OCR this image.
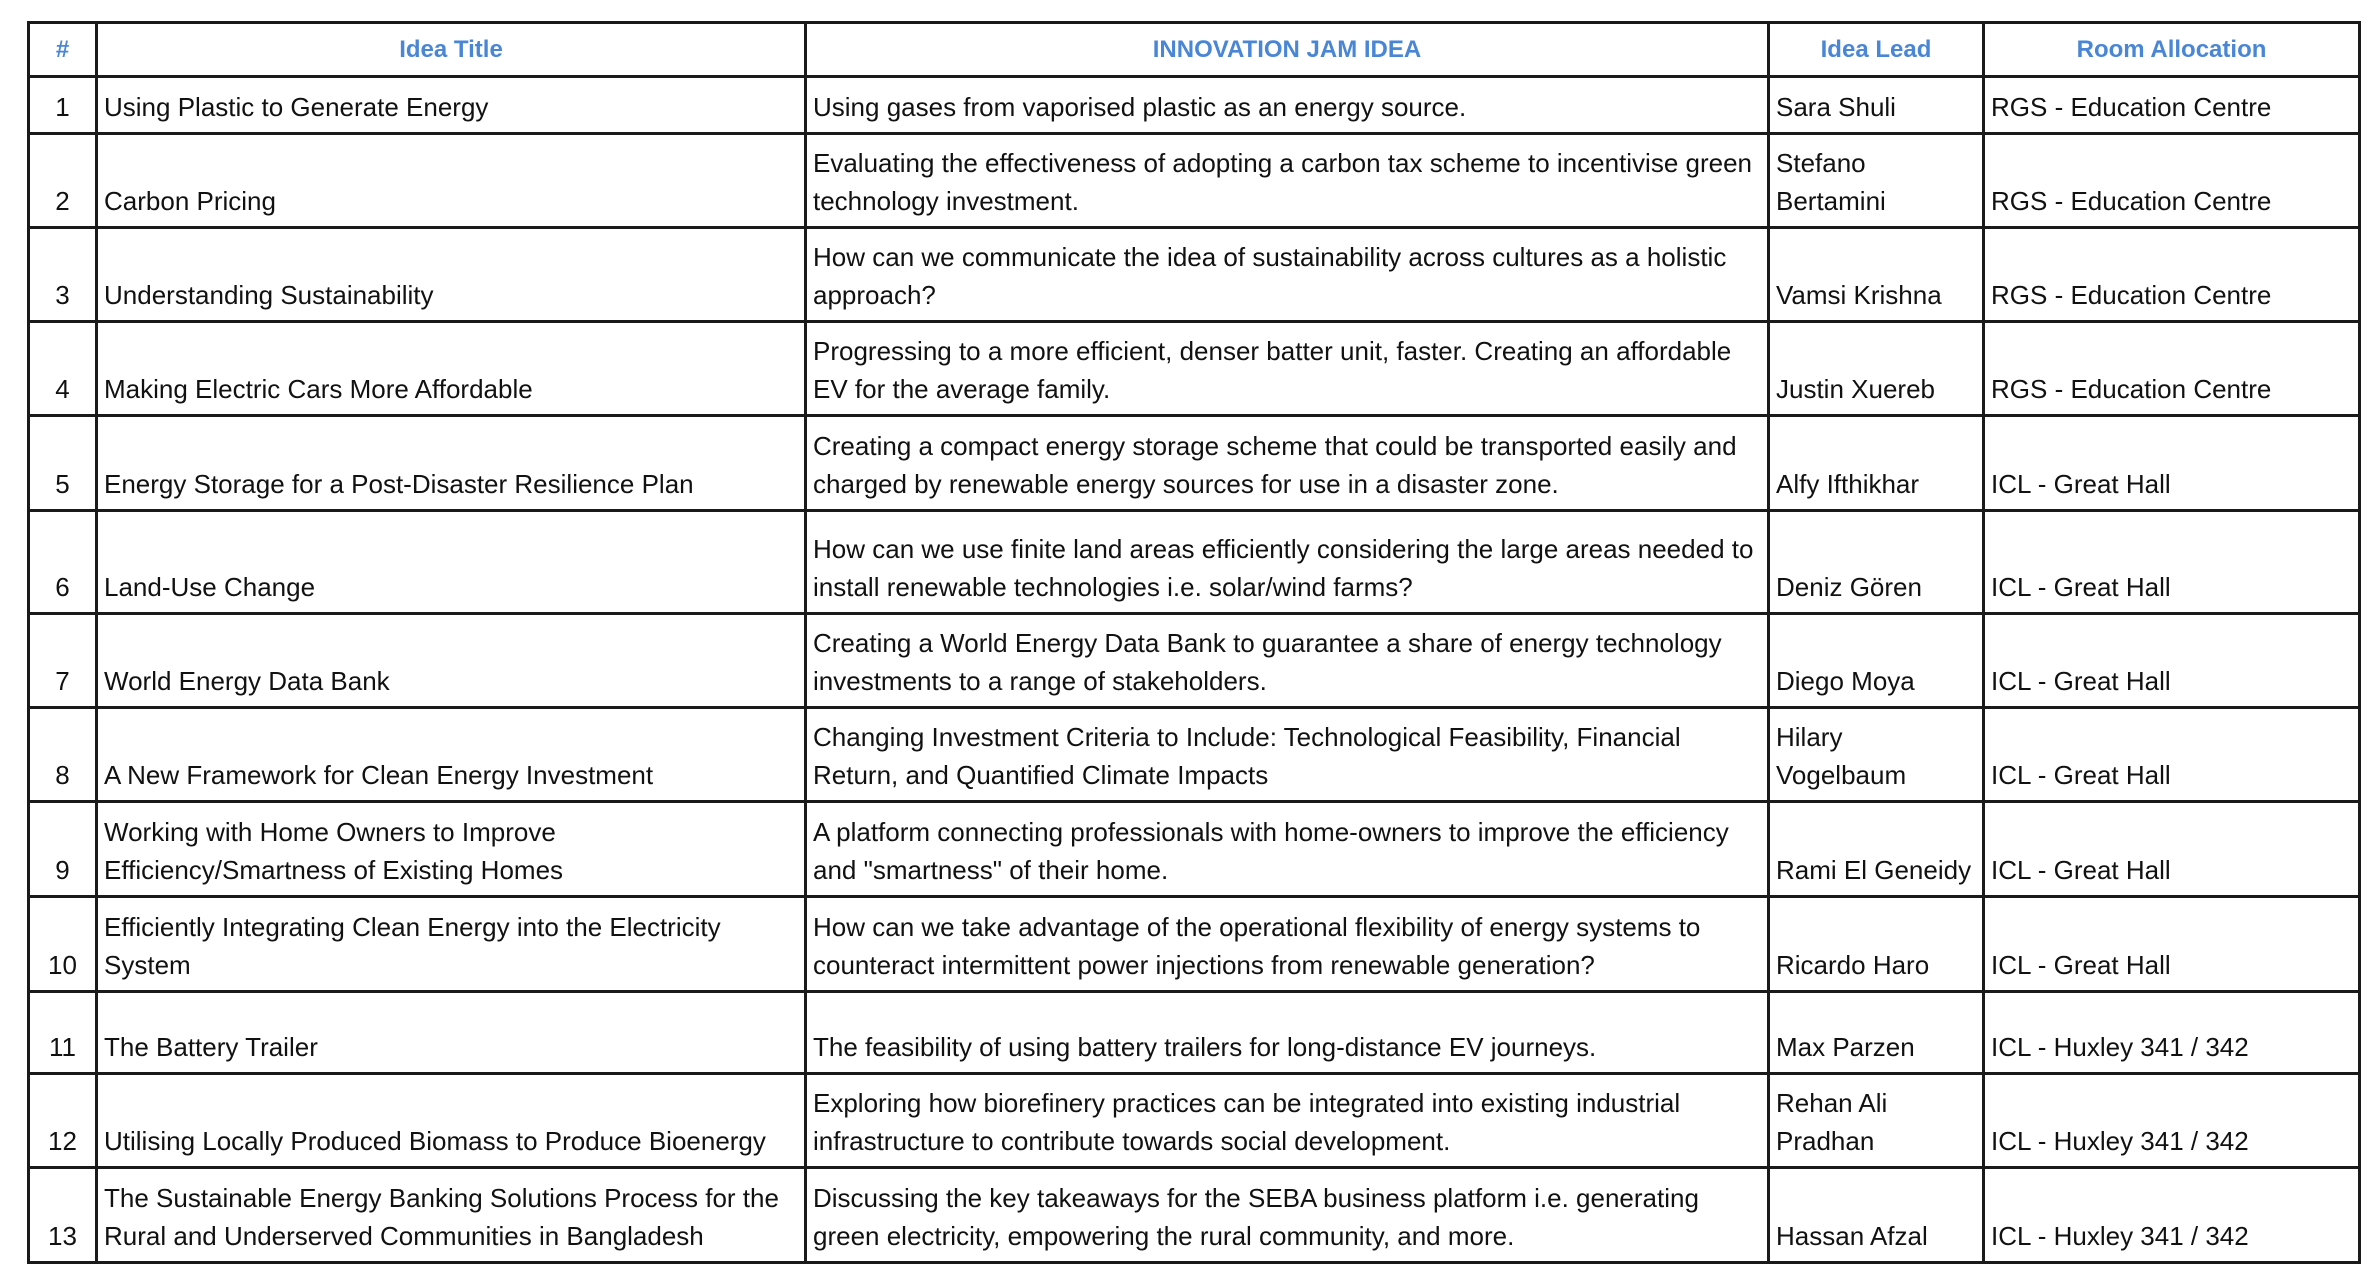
#	Idea Title	INNOVATION JAM IDEA	Idea Lead	Room Allocation
1	Using Plastic to Generate Energy	Using gases from vaporised plastic as an energy source.	Sara Shuli	RGS - Education Centre
2	Carbon Pricing	Evaluating the effectiveness of adopting a carbon tax scheme to incentivise green technology investment.	Stefano Bertamini	RGS - Education Centre
3	Understanding Sustainability	How can we communicate the idea of sustainability across cultures as a holistic approach?	Vamsi Krishna	RGS - Education Centre
4	Making Electric Cars More Affordable	Progressing to a more efficient, denser batter unit, faster. Creating an affordable EV for the average family.	Justin Xuereb	RGS - Education Centre
5	Energy Storage for a Post-Disaster Resilience Plan	Creating a compact energy storage scheme that could be transported easily and charged by renewable energy sources for use in a disaster zone.	Alfy Ifthikhar	ICL - Great Hall
6	Land-Use Change	How can we use finite land areas efficiently considering the large areas needed to install renewable technologies i.e. solar/wind farms?	Deniz Gören	ICL - Great Hall
7	World Energy Data Bank	Creating a World Energy Data Bank to guarantee a share of energy technology investments to a range of stakeholders.	Diego Moya	ICL - Great Hall
8	A New Framework for Clean Energy Investment	Changing Investment Criteria to Include: Technological Feasibility, Financial Return, and Quantified Climate Impacts	Hilary Vogelbaum	ICL - Great Hall
9	Working with Home Owners to Improve Efficiency/Smartness of Existing Homes	A platform connecting professionals with home-owners to improve the efficiency and "smartness" of their home.	Rami El Geneidy	ICL - Great Hall
10	Efficiently Integrating Clean Energy into the Electricity System	How can we take advantage of the operational flexibility of energy systems to counteract intermittent power injections from renewable generation?	Ricardo Haro	ICL - Great Hall
11	The Battery Trailer	The feasibility of using battery trailers for long-distance EV journeys.	Max Parzen	ICL - Huxley 341 / 342
12	Utilising Locally Produced Biomass to Produce Bioenergy	Exploring how biorefinery practices can be integrated into existing industrial infrastructure to contribute towards social development.	Rehan Ali Pradhan	ICL - Huxley 341 / 342
13	The Sustainable Energy Banking Solutions Process for the Rural and Underserved Communities in Bangladesh	Discussing the key takeaways for the SEBA business platform i.e. generating green electricity, empowering the rural community, and more.	Hassan Afzal	ICL - Huxley 341 / 342
